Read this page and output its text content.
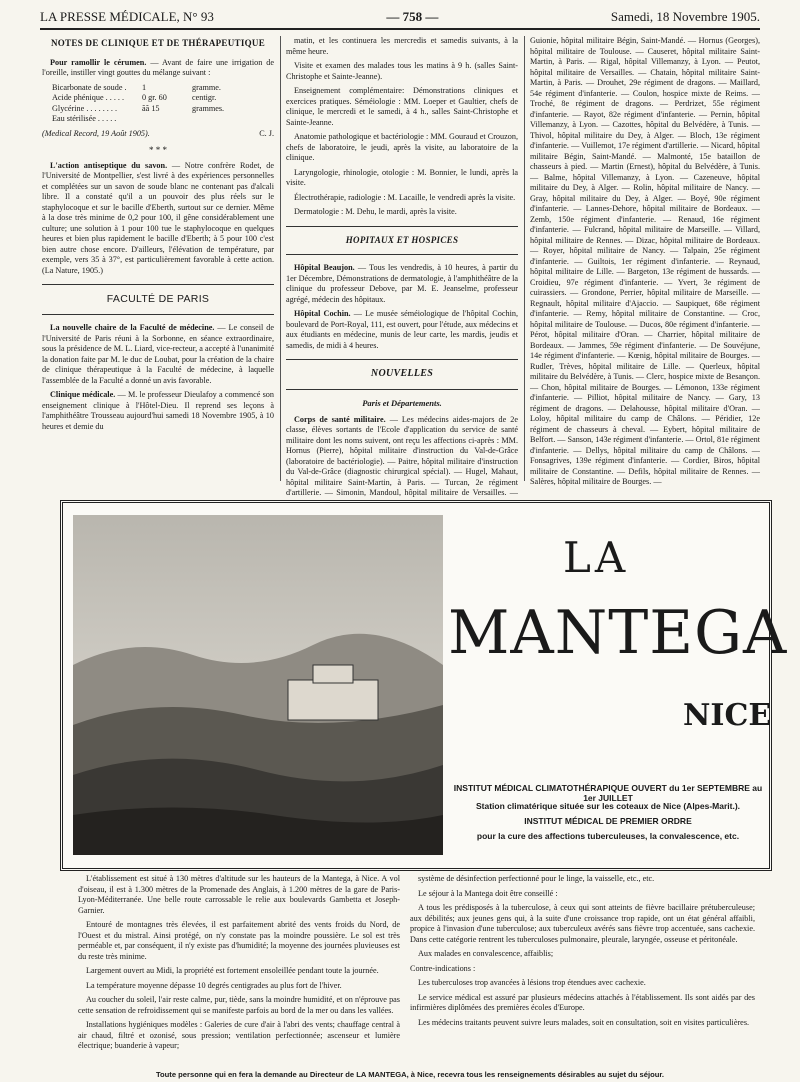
LA PRESSE MÉDICALE, N° 93	— 758 —	Samedi, 18 Novembre 1905.
NOTES DE CLINIQUE ET DE THÉRAPEUTIQUE

Pour ramollir le cérumen. — Avant de faire une irrigation de l'oreille, instiller vingt gouttes du mélange suivant :

Bicarbonate de soude .	1	gramme.
Acide phénique . . . . .	0 gr. 60	centigr.
Glycérine . . . . . . . .	ãã 15	grammes.
Eau stérilisée . . . . .
(Medical Record, 19 Août 1905).	C. J.
* * *

L'action antiseptique du savon. — Notre confrère Rodet, de l'Université de Montpellier, s'est livré à des expériences personnelles et complétées sur un savon de soude blanc ne contenant pas d'alcali libre. Il a constaté qu'il a un pouvoir des plus réels sur le staphylocoque et sur le bacille d'Eberth, surtout sur ce dernier. Même à la dose très minime de 0,2 pour 100, il gêne considérablement une culture; une solution à 1 pour 100 tue le staphylocoque en quelques heures et bien plus rapidement le bacille d'Eberth; à 5 pour 100 c'est bien autre chose encore. D'ailleurs, l'élévation de température, par exemple, vers 35 à 37°, est particulièrement favorable à cette action. (La Nature, 1905.)

FACULTÉ DE PARIS

La nouvelle chaire de la Faculté de médecine. — Le conseil de l'Université de Paris réuni à la Sorbonne, en séance extraordinaire, sous la présidence de M. L. Liard, vice-recteur, a accepté à l'unanimité la donation faite par M. le duc de Loubat, pour la création de la chaire de clinique thérapeutique à la Faculté de médecine, à laquelle l'assemblée de la Faculté a donné un avis favorable.

Clinique médicale. — M. le professeur Dieulafoy a commencé son enseignement clinique à l'Hôtel-Dieu. Il reprend ses leçons à l'amphithéâtre Trousseau aujourd'hui samedi 18 Novembre 1905, à 10 heures et demie du

matin, et les continuera les mercredis et samedis suivants, à la même heure.

Visite et examen des malades tous les matins à 9 h. (salles Saint-Christophe et Sainte-Jeanne).

Enseignement complémentaire: Démonstrations cliniques et exercices pratiques. Séméiologie : MM. Loeper et Gaultier, chefs de clinique, le mercredi et le samedi, à 4 h., salles Saint-Christophe et Sainte-Jeanne.

Anatomie pathologique et bactériologie : MM. Gouraud et Crouzon, chefs de laboratoire, le jeudi, après la visite, au laboratoire de la clinique.

Laryngologie, rhinologie, otologie : M. Bonnier, le lundi, après la visite.

Électrothérapie, radiologie : M. Lacaille, le vendredi après la visite.

Dermatologie : M. Dehu, le mardi, après la visite.

HOPITAUX ET HOSPICES

Hôpital Beaujon. — Tous les vendredis, à 10 heures, à partir du 1er Décembre, Démonstrations de dermatologie, à l'amphithéâtre de la clinique du professeur Debove, par M. E. Jeanselme, professeur agrégé, médecin des hôpitaux.

Hôpital Cochin. — Le musée séméiologique de l'hôpital Cochin, boulevard de Port-Royal, 111, est ouvert, pour l'étude, aux médecins et aux étudiants en médecine, munis de leur carte, les mardis, jeudis et samedis, de midi à 4 heures.

NOUVELLES
Paris et Départements.

Corps de santé militaire. — Les médecins aides-majors de 2e classe, élèves sortants de l'Ecole d'application du service de santé militaire dont les noms suivent, ont reçu les affections ci-après : MM. Hornus (Pierre), hôpital militaire d'instruction du Val-de-Grâce (laboratoire de bactériologie). — Paitre, hôpital militaire d'instruction du Val-de-Grâce (diagnostic chirurgical spécial). — Hugel, Mahaut, hôpital militaire Saint-Martin, à Paris. — Turcan, 2e régiment d'artillerie. — Simonin, Mandoul, hôpital militaire de Versailles. —

Guionie, hôpital militaire Bégin, Saint-Mandé. — Hornus (Georges), hôpital militaire de Toulouse. — Causeret, hôpital militaire Saint-Martin, à Paris. — Rigal, hôpital Villemanzy, à Lyon. — Peutot, hôpital militaire de Versailles. — Chatain, hôpital militaire Saint-Martin, à Paris. — Drouhet, 29e régiment de dragons. — Maillard, 54e régiment d'infanterie. — Coulon, hospice mixte de Reims. — Troché, 8e régiment de dragons. — Perdrizet, 55e régiment d'infanterie. — Rayot, 82e régiment d'infanterie. — Pernin, hôpital Villemanzy, à Lyon. — Cazottes, hôpital du Belvédère, à Tunis. — Thivol, hôpital militaire du Dey, à Alger. — Bloch, 13e régiment d'infanterie. — Vuillemot, 17e régiment d'artillerie. — Nicard, hôpital militaire Bégin, Saint-Mandé. — Malmonté, 15e bataillon de chasseurs à pied. — Martin (Ernest), hôpital du Belvédère, à Tunis. — Balme, hôpital Villemanzy, à Lyon. — Cazeneuve, hôpital militaire du Dey, à Alger. — Rolin, hôpital militaire de Nancy. — Gray, hôpital militaire du Dey, à Alger. — Boyé, 90e régiment d'infanterie. — Lannes-Dehore, hôpital militaire de Bordeaux. — Zemb, 150e régiment d'infanterie. — Renaud, 16e régiment d'infanterie. — Fulcrand, hôpital militaire de Marseille. — Villard, hôpital militaire de Rennes. — Dizac, hôpital militaire de Bordeaux. — Royer, hôpital militaire de Nancy. — Talpain, 25e régiment d'infanterie. — Guiltois, 1er régiment d'infanterie. — Reynaud, hôpital militaire de Lille. — Bargeton, 13e régiment de hussards. — Croidieu, 97e régiment d'infanterie. — Yvert, 3e régiment de cuirassiers. — Grondone, Perrier, hôpital militaire de Marseille. — Regnault, hôpital militaire d'Ajaccio. — Saupiquet, 68e régiment d'infanterie. — Remy, hôpital militaire de Constantine. — Croc, hôpital militaire de Toulouse. — Ducos, 80e régiment d'infanterie. — Pérot, hôpital militaire d'Oran. — Charrier, hôpital militaire de Bordeaux. — Jammes, 59e régiment d'infanterie. — De Souvéjune, 14e régiment d'infanterie. — Kœnig, hôpital militaire de Bourges. — Rudler, Trèves, hôpital militaire de Lille. — Querleux, hôpital militaire du Belvédère, à Tunis. — Clerc, hospice mixte de Besançon. — Chon, hôpital militaire de Bourges. — Lémonon, 133e régiment d'infanterie. — Pilliot, hôpital militaire de Nancy. — Gary, 13 régiment de dragons. — Delahousse, hôpital militaire d'Oran. — Loloy, hôpital militaire du camp de Châlons. — Péridier, 12e régiment de chasseurs à cheval. — Eybert, hôpital militaire de Belfort. — Sanson, 143e régiment d'infanterie. — Ortol, 81e régiment d'infanterie. — Dellys, hôpital militaire du camp de Châlons. — Fonsagrives, 139e régiment d'infanterie. — Cordier, Biros, hôpital militaire de Constantine. — Defils, hôpital militaire de Rennes. — Salères, hôpital militaire de Bourges. —

LA
MANTEGA
NICE
INSTITUT MÉDICAL CLIMATOTHÉRAPIQUE OUVERT du 1er SEPTEMBRE au 1er JUILLET
Station climatérique située sur les coteaux de Nice (Alpes-Marit.).
INSTITUT MÉDICAL DE PREMIER ORDRE
pour la cure des affections tuberculeuses, la convalescence, etc.

L'établissement est situé à 130 mètres d'altitude sur les hauteurs de la Mantega, à Nice. A vol d'oiseau, il est à 1.300 mètres de la Promenade des Anglais, à 1.200 mètres de la gare de Paris-Lyon-Méditerranée. Une belle route carrossable le relie aux boulevards Gambetta et Joseph-Garnier.

Entouré de montagnes très élevées, il est parfaitement abrité des vents froids du Nord, de l'Ouest et du mistral. Ainsi protégé, on n'y constate pas la moindre poussière. Le sol est très perméable et, par conséquent, il n'y existe pas d'humidité; la moyenne des journées pluvieuses est du reste très minime.

Largement ouvert au Midi, la propriété est fortement ensoleillée pendant toute la journée.

La température moyenne dépasse 10 degrés centigrades au plus fort de l'hiver.

Au coucher du soleil, l'air reste calme, pur, tiède, sans la moindre humidité, et on n'éprouve pas cette sensation de refroidissement qui se manifeste parfois au bord de la mer ou dans les vallées.

Installations hygiéniques modèles : Galeries de cure d'air à l'abri des vents; chauffage central à air chaud, filtré et ozonisé, sous pression; ventilation perfectionnée; ascenseur et lumière électrique; buanderie à vapeur;

système de désinfection perfectionné pour le linge, la vaisselle, etc., etc.

Le séjour à la Mantega doit être conseillé :

A tous les prédisposés à la tuberculose, à ceux qui sont atteints de fièvre bacillaire prétuberculeuse; aux débilités; aux jeunes gens qui, à la suite d'une croissance trop rapide, ont un état général affaibli, propice à l'invasion d'une tuberculose; aux tuberculeux avérés sans fièvre trop accentuée, sans cachexie. Dans cette catégorie rentrent les tuberculoses pulmonaire, pleurale, laryngée, osseuse et péritonéale.

Aux malades en convalescence, affaiblis;

Contre-indications :

Les tuberculoses trop avancées à lésions trop étendues avec cachexie.

Le service médical est assuré par plusieurs médecins attachés à l'établissement. Ils sont aidés par des infirmières diplômées des premières écoles d'Europe.

Les médecins traitants peuvent suivre leurs malades, soit en consultation, soit en visites particulières.

Toute personne qui en fera la demande au Directeur de LA MANTEGA, à Nice, recevra tous les renseignements désirables au sujet du séjour.
